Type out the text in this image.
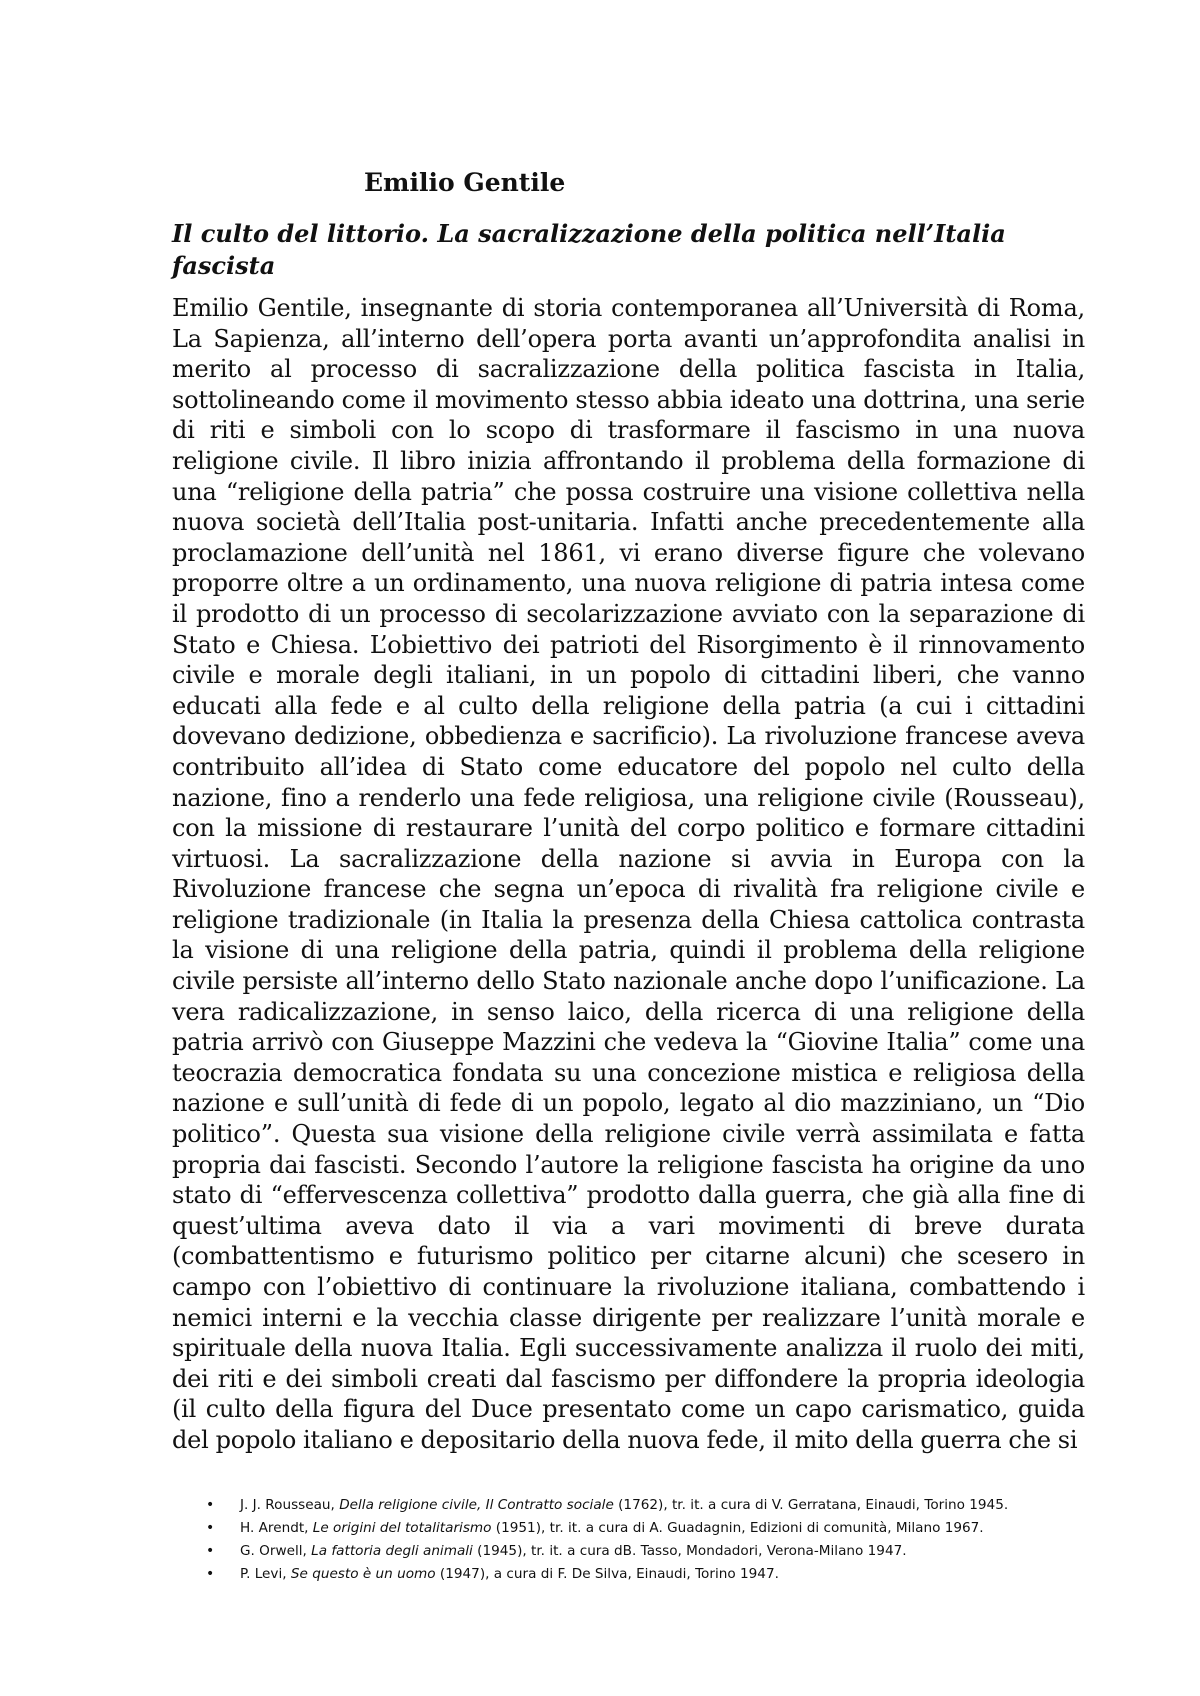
Emilio Gentile
Il culto del littorio. La sacralizzazione della politica nell’Italia fascista

Emilio Gentile, insegnante di storia contemporanea all’Università di Roma, La Sapienza, all’interno dell’opera porta avanti un’approfondita analisi in merito al processo di sacralizzazione della politica fascista in Italia, sottolineando come il movimento stesso abbia ideato una dottrina, una serie di riti e simboli con lo scopo di trasformare il fascismo in una nuova religione civile. Il libro inizia affrontando il problema della formazione di una “religione della patria” che possa costruire una visione collettiva nella nuova società dell’Italia post-unitaria. Infatti anche precedentemente alla proclamazione dell’unità nel 1861, vi erano diverse figure che volevano proporre oltre a un ordinamento, una nuova religione di patria intesa come il prodotto di un processo di secolarizzazione avviato con la separazione di Stato e Chiesa. L’obiettivo dei patrioti del Risorgimento è il rinnovamento civile e morale degli italiani, in un popolo di cittadini liberi, che vanno educati alla fede e al culto della religione della patria (a cui i cittadini dovevano dedizione, obbedienza e sacrificio). La rivoluzione francese aveva contribuito all’idea di Stato come educatore del popolo nel culto della nazione, fino a renderlo una fede religiosa, una religione civile (Rousseau), con la missione di restaurare l’unità del corpo politico e formare cittadini virtuosi. La sacralizzazione della nazione si avvia in Europa con la Rivoluzione francese che segna un’epoca di rivalità fra religione civile e religione tradizionale (in Italia la presenza della Chiesa cattolica contrasta la visione di una religione della patria, quindi il problema della religione civile persiste all’interno dello Stato nazionale anche dopo l’unificazione. La vera radicalizzazione, in senso laico, della ricerca di una religione della patria arrivò con Giuseppe Mazzini che vedeva la “Giovine Italia” come una teocrazia democratica fondata su una concezione mistica e religiosa della nazione e sull’unità di fede di un popolo, legato al dio mazziniano, un “Dio politico”. Questa sua visione della religione civile verrà assimilata e fatta propria dai fascisti. Secondo l’autore la religione fascista ha origine da uno stato di “effervescenza collettiva” prodotto dalla guerra, che già alla fine di quest’ultima aveva dato il via a vari movimenti di breve durata (combattentismo e futurismo politico per citarne alcuni) che scesero in campo con l’obiettivo di continuare la rivoluzione italiana, combattendo i nemici interni e la vecchia classe dirigente per realizzare l’unità morale e spirituale della nuova Italia. Egli successivamente analizza il ruolo dei miti, dei riti e dei simboli creati dal fascismo per diffondere la propria ideologia (il culto della figura del Duce presentato come un capo carismatico, guida del popolo italiano e depositario della nuova fede, il mito della guerra che si

• J. J. Rousseau, Della religione civile, Il Contratto sociale (1762), tr. it. a cura di V. Gerratana, Einaudi, Torino 1945.
• H. Arendt, Le origini del totalitarismo (1951), tr. it. a cura di A. Guadagnin, Edizioni di comunità, Milano 1967.
• G. Orwell, La fattoria degli animali (1945), tr. it. a cura dB. Tasso, Mondadori, Verona-Milano 1947.
• P. Levi, Se questo è un uomo (1947), a cura di F. De Silva, Einaudi, Torino 1947.
